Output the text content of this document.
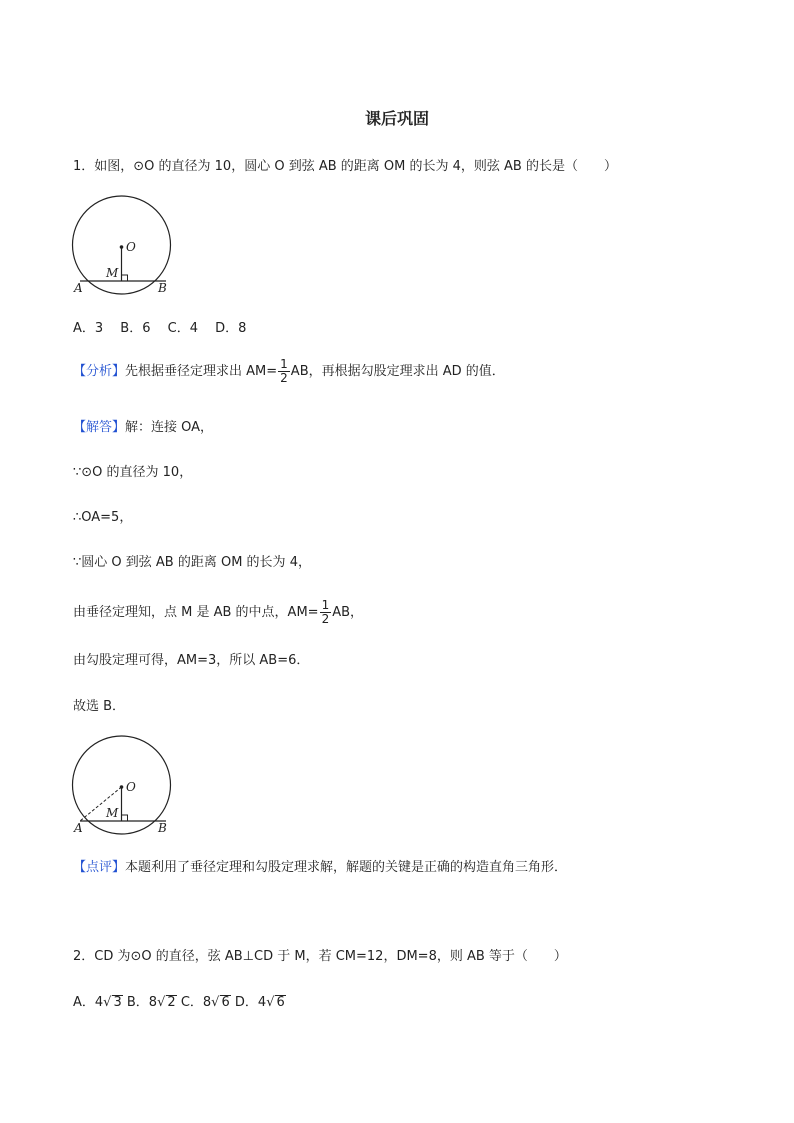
课后巩固
1．如图，⊙O 的直径为 10，圆心 O 到弦 AB 的距离 OM 的长为 4，则弦 AB 的长是（　　）
O
M
A	B
A．3　 B．6　 C．4　 D．8
【分析】先根据垂径定理求出 $AM= \frac{1}{2}$ AB，再根据勾股定理求出 AD 的值．
【解答】解：连接 OA，
∵⊙O 的直径为 10，
∴OA=5，
∵圆心 O 到弦 AB 的距离 OM 的长为 4，
由垂径定理知，点 M 是 AB 的中点，$AM= \frac{1}{2}$ AB，
由勾股定理可得，AM=3，所以 AB=6．
故选 B．
O
M
A	B
【点评】本题利用了垂径定理和勾股定理求解，解题的关键是正确的构造直角三角形．
2．CD 为⊙O 的直径，弦 AB⊥CD 于 M，若 CM=12，DM=8，则 AB 等于（　　）
A．4√ 3 B．8√ 2 C．8√ 6 D．4√ 6
